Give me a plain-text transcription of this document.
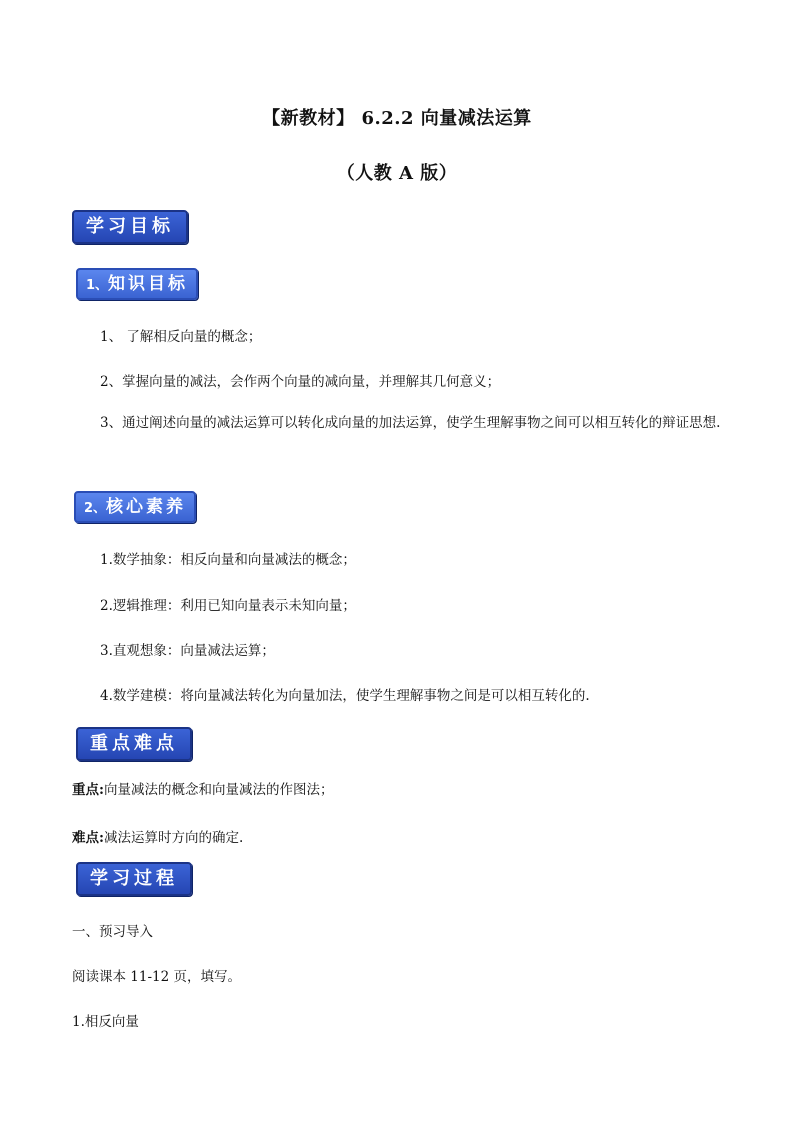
【新教材】 6.2.2 向量减法运算
（人教 A 版）
学习目标
1、知识目标
1、 了解相反向量的概念；
2、掌握向量的减法，会作两个向量的减向量，并理解其几何意义；
3、通过阐述向量的减法运算可以转化成向量的加法运算，使学生理解事物之间可以相互转化的辩证思想.
2、核心素养
1.数学抽象：相反向量和向量减法的概念；
2.逻辑推理：利用已知向量表示未知向量；
3.直观想象：向量减法运算；
4.数学建模：将向量减法转化为向量加法，使学生理解事物之间是可以相互转化的.
重点难点
重点:向量减法的概念和向量减法的作图法；
难点:减法运算时方向的确定.
学习过程
一、预习导入
阅读课本 11-12 页，填写。
1.相反向量
